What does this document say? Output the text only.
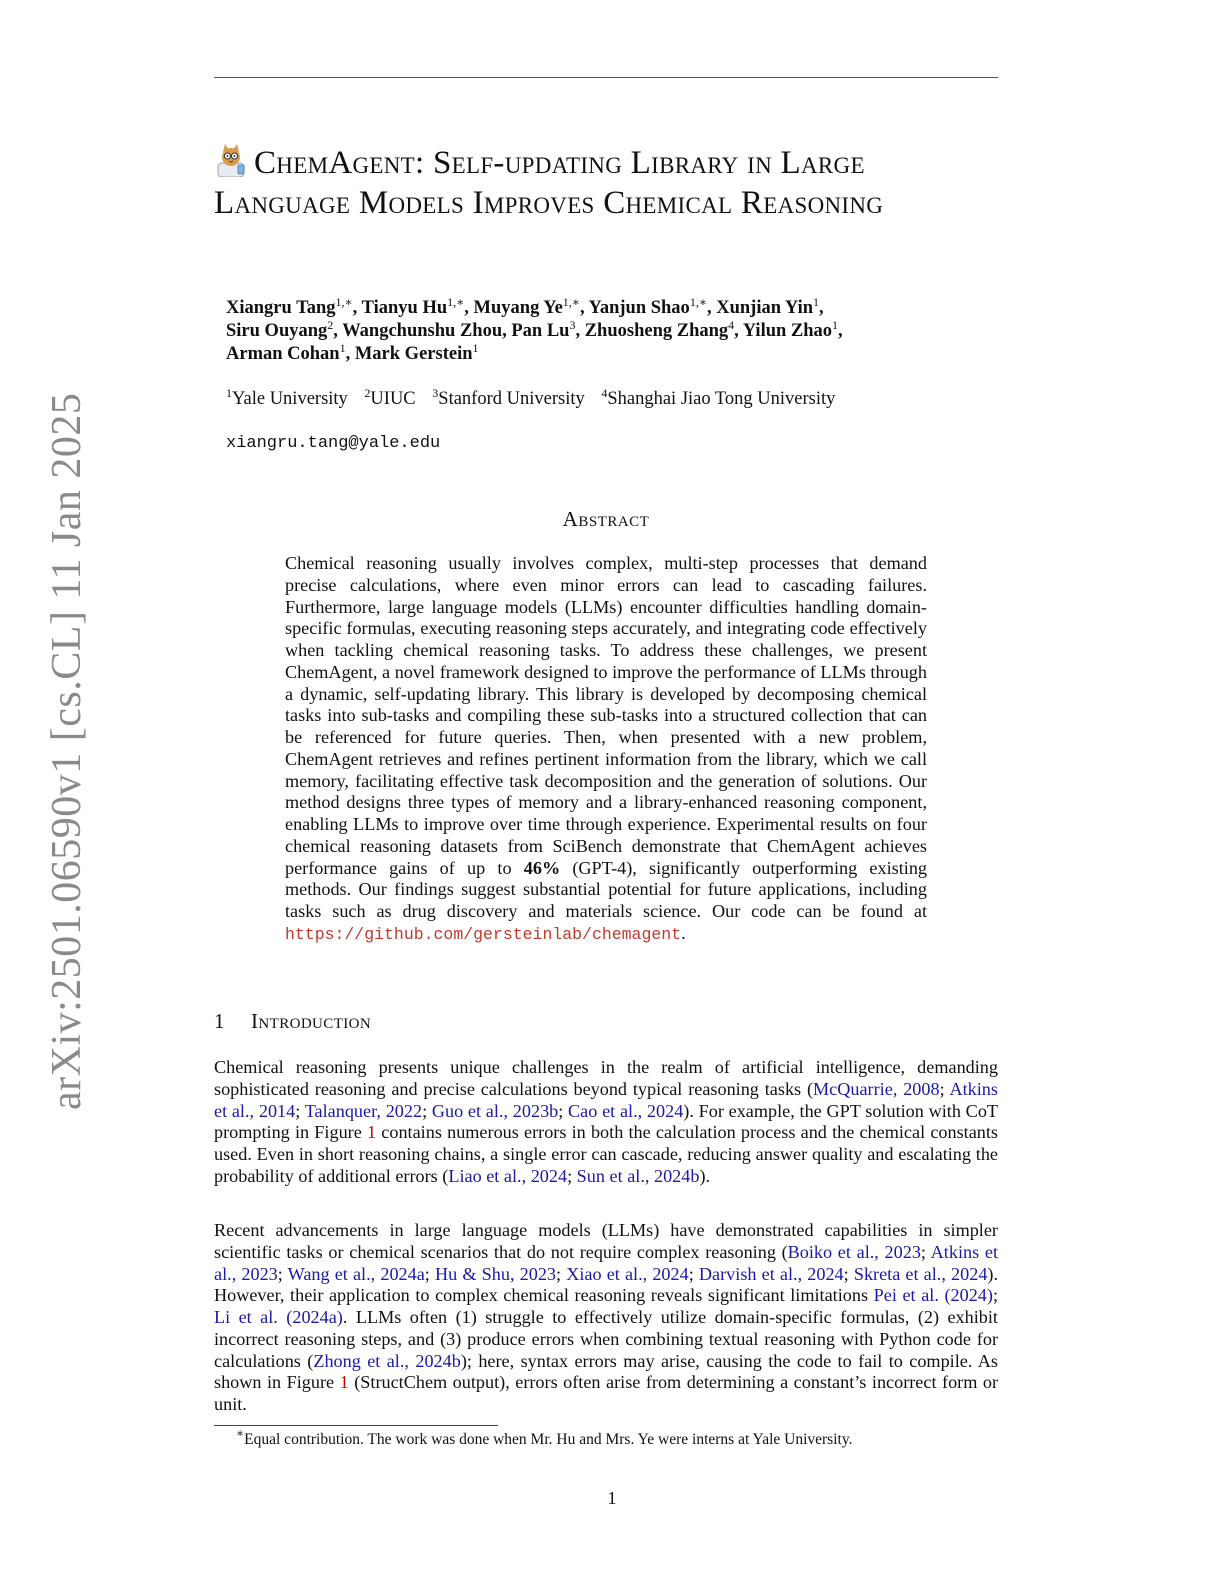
arXiv:2501.06590v1 [cs.CL] 11 Jan 2025
ChemAgent: Self-updating Library in Large Language Models Improves Chemical Reasoning
Xiangru Tang$^{1,∗}$, Tianyu $Hu^{1,∗}$, Muyang $Ye^{1,∗}$, Yanjun Shao$^{1,∗}$, Xunjian Yin$^1$,
Siru Ouyang$^2$, Wangchunshu Zhou, Pan Lu$^3$, Zhuosheng Zhang$^4$, Yilun Zhao$^1$,
Arman Cohan$^1$, Mark Gerstein$^1$
$^1$Yale University $^2$UIUC $^3$Stanford University $^4$Shanghai Jiao Tong University
xiangru.tang@yale.edu
Abstract
Chemical reasoning usually involves complex, multi-step processes that demand precise calculations, where even minor errors can lead to cascading failures. Furthermore, large language models (LLMs) encounter difficulties handling domain-specific formulas, executing reasoning steps accurately, and integrating code effectively when tackling chemical reasoning tasks. To address these challenges, we present ChemAgent, a novel framework designed to improve the performance of LLMs through a dynamic, self-updating library. This library is developed by decomposing chemical tasks into sub-tasks and compiling these sub-tasks into a structured collection that can be referenced for future queries. Then, when presented with a new problem, ChemAgent retrieves and refines pertinent information from the library, which we call memory, facilitating effective task decomposition and the generation of solutions. Our method designs three types of memory and a library-enhanced reasoning component, enabling LLMs to improve over time through experience. Experimental results on four chemical reasoning datasets from SciBench demonstrate that ChemAgent achieves performance gains of up to 46% (GPT-4), significantly outperforming existing methods. Our findings suggest substantial potential for future applications, including tasks such as drug discovery and materials science. Our code can be found at https://github.com/gersteinlab/chemagent.
1 Introduction
Chemical reasoning presents unique challenges in the realm of artificial intelligence, demanding sophisticated reasoning and precise calculations beyond typical reasoning tasks (McQuarrie, 2008; Atkins et al., 2014; Talanquer, 2022; Guo et al., 2023b; Cao et al., 2024). For example, the GPT solution with CoT prompting in Figure 1 contains numerous errors in both the calculation process and the chemical constants used. Even in short reasoning chains, a single error can cascade, reducing answer quality and escalating the probability of additional errors (Liao et al., 2024; Sun et al., 2024b).
Recent advancements in large language models (LLMs) have demonstrated capabilities in simpler scientific tasks or chemical scenarios that do not require complex reasoning (Boiko et al., 2023; Atkins et al., 2023; Wang et al., 2024a; Hu & Shu, 2023; Xiao et al., 2024; Darvish et al., 2024; Skreta et al., 2024). However, their application to complex chemical reasoning reveals significant limitations Pei et al. (2024); Li et al. (2024a). LLMs often (1) struggle to effectively utilize domain-specific formulas, (2) exhibit incorrect reasoning steps, and (3) produce errors when combining textual reasoning with Python code for calculations (Zhong et al., 2024b); here, syntax errors may arise, causing the code to fail to compile. As shown in Figure 1 (StructChem output), errors often arise from determining a constant’s incorrect form or unit.
∗Equal contribution. The work was done when Mr. Hu and Mrs. Ye were interns at Yale University.
1
